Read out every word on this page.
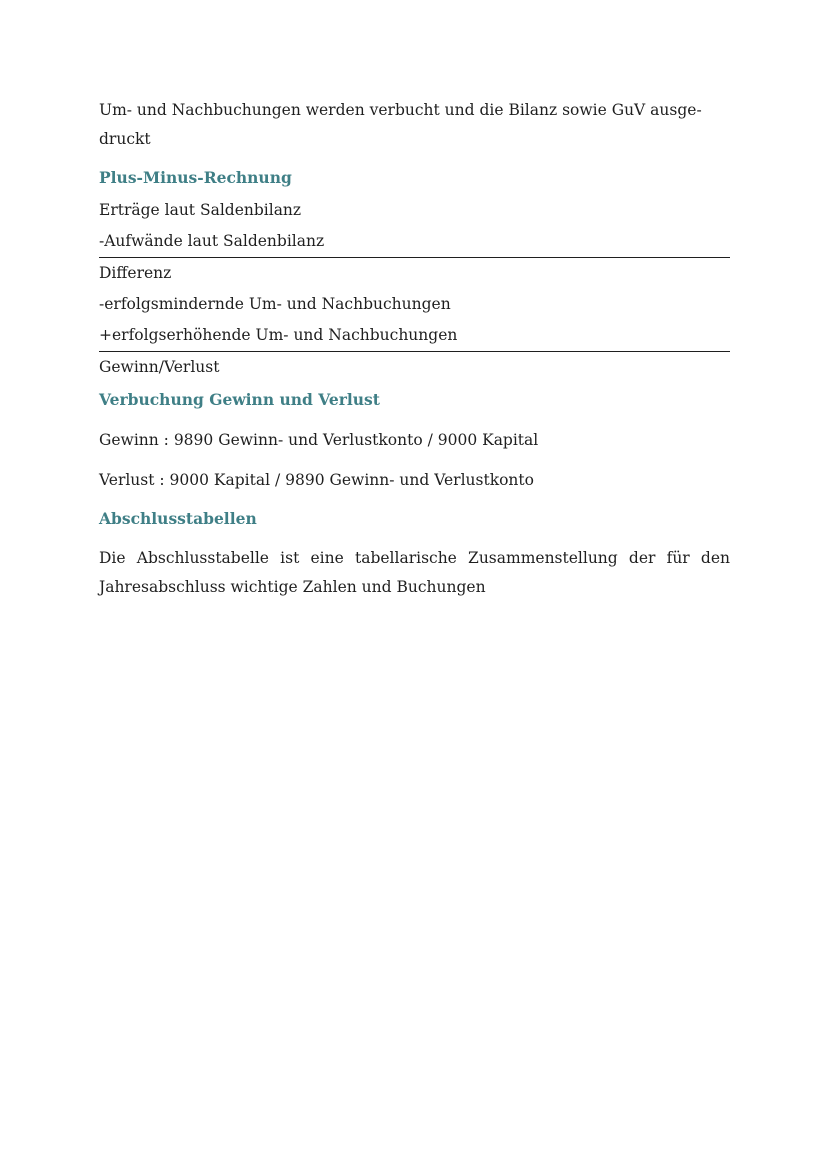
Um- und Nachbuchungen werden verbucht und die Bilanz sowie GuV ausge-druckt

Plus-Minus-Rechnung

Erträge laut Saldenbilanz

-Aufwände laut Saldenbilanz

Differenz

-erfolgsmindernde Um- und Nachbuchungen

+erfolgserhöhende Um- und Nachbuchungen

Gewinn/Verlust

Verbuchung Gewinn und Verlust

Gewinn : 9890 Gewinn- und Verlustkonto / 9000 Kapital

Verlust : 9000 Kapital / 9890 Gewinn- und Verlustkonto

Abschlusstabellen

Die Abschlusstabelle ist eine tabellarische Zusammenstellung der für den Jahresabschluss wichtige Zahlen und Buchungen
